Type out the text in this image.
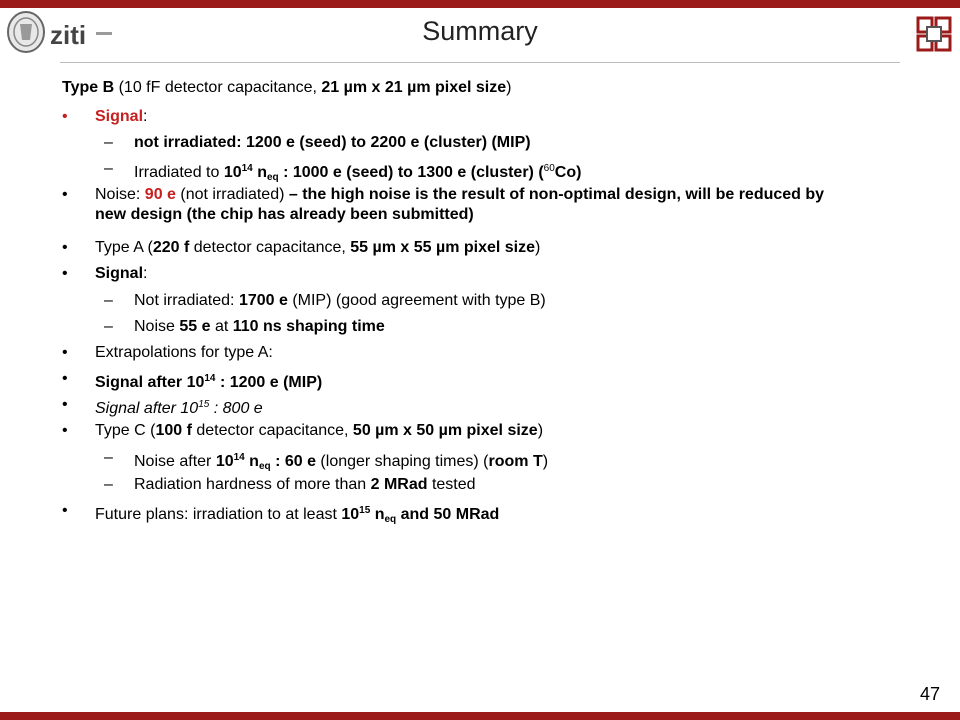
ziti	Summary
Type B (10 fF detector capacitance, 21 µm x 21 µm pixel size)
•	Signal:
–	not irradiated: 1200 e (seed) to 2200 e (cluster) (MIP)
–	Irradiated to $10^{14}$ $n_{eq}$ : 1000 e (seed) to 1300 e (cluster) ($^{60}$Co)
•	Noise: 90 e (not irradiated) – the high noise is the result of non-optimal design, will be reduced by new design (the chip has already been submitted)
•	Type A (220 f detector capacitance, 55 µm x 55 µm pixel size)
•	Signal:
–	Not irradiated: 1700 e (MIP) (good agreement with type B)
–	Noise 55 e at 110 ns shaping time
•	Extrapolations for type A:
•	Signal after $10^{14}$ : 1200 e (MIP)
•	Signal after $10^{15}$ : 800 e
•	Type C (100 f detector capacitance, 50 µm x 50 µm pixel size)
–	Noise after $10^{14}$ $n_{eq}$ : 60 e (longer shaping times) (room T)
–	Radiation hardness of more than 2 MRad tested
•	Future plans: irradiation to at least $10^{15}$ $n_{eq}$ and 50 MRad
47
